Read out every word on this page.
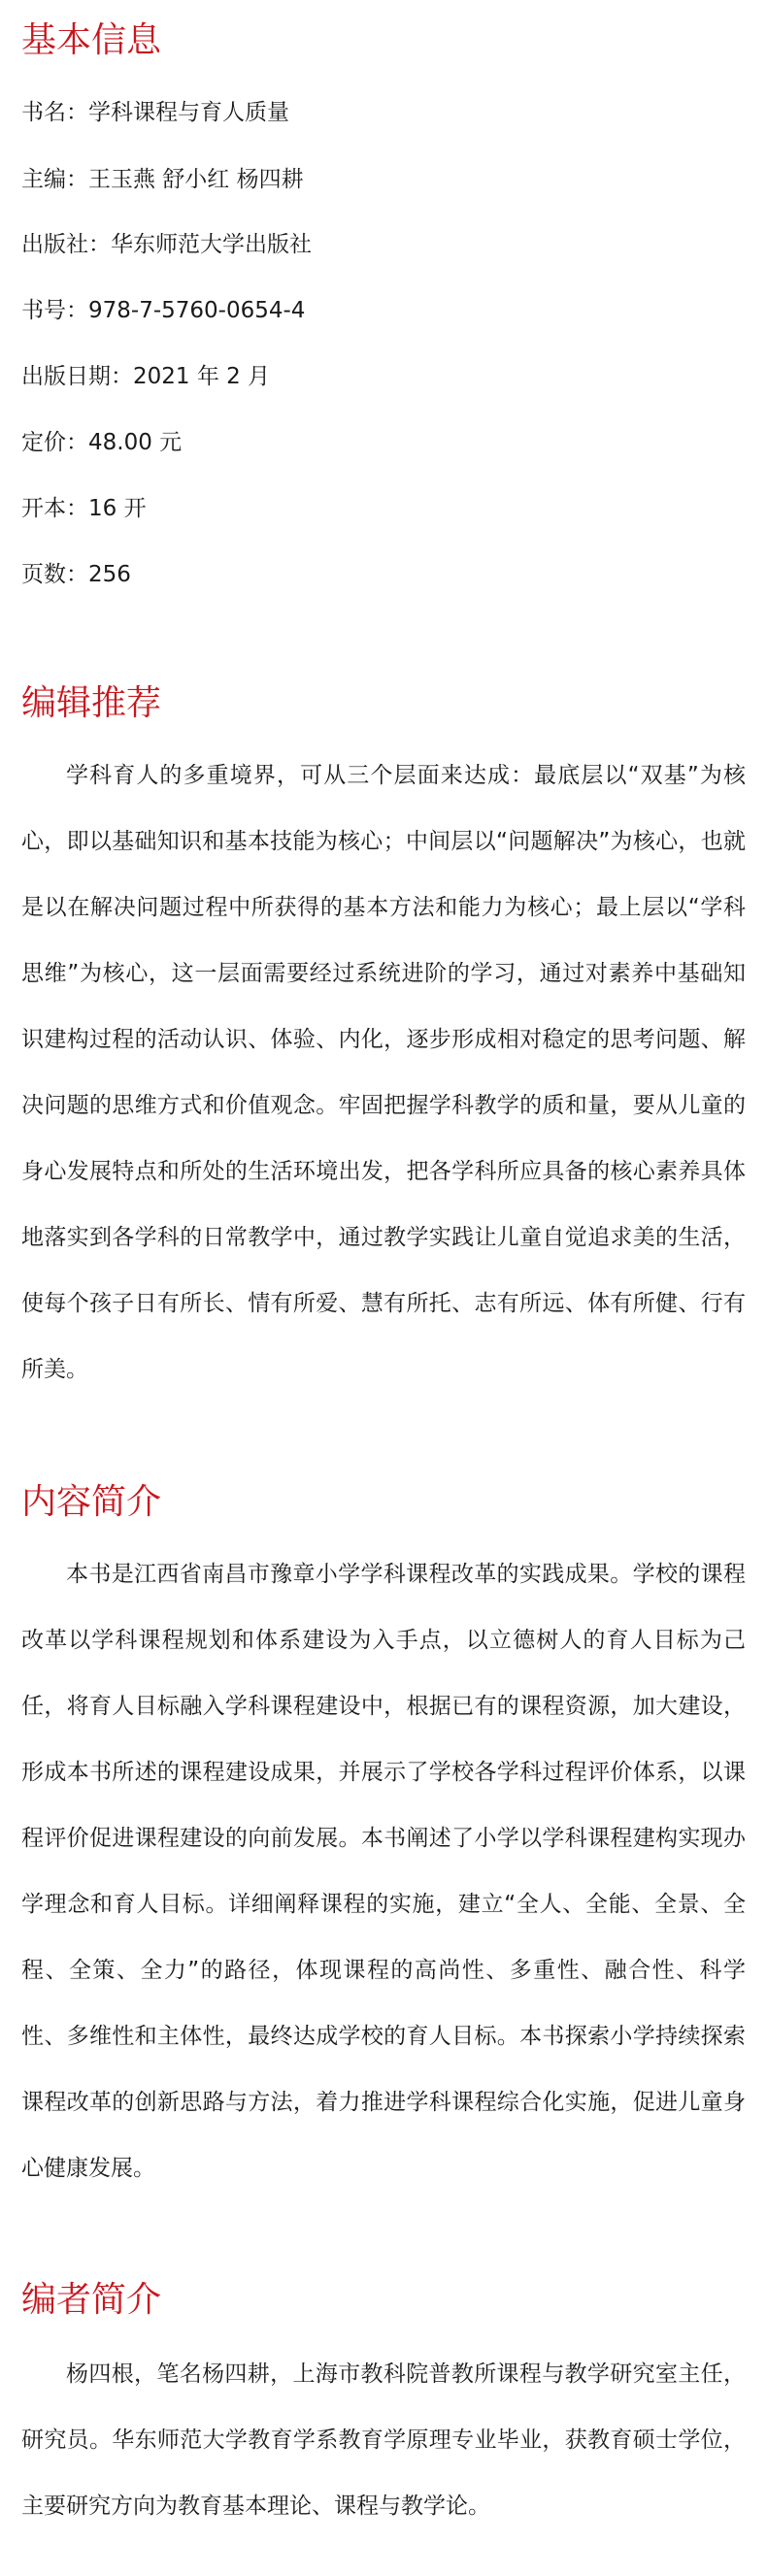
基本信息

书名：学科课程与育人质量

主编：王玉燕 舒小红 杨四耕

出版社：华东师范大学出版社

书号：978-7-5760-0654-4

出版日期：2021 年 2 月

定价：48.00 元

开本：16 开

页数：256

编辑推荐

学科育人的多重境界，可从三个层面来达成：最底层以“双基”为核心，即以基础知识和基本技能为核心；中间层以“问题解决”为核心，也就是以在解决问题过程中所获得的基本方法和能力为核心；最上层以“学科思维”为核心，这一层面需要经过系统进阶的学习，通过对素养中基础知识建构过程的活动认识、体验、内化，逐步形成相对稳定的思考问题、解决问题的思维方式和价值观念。牢固把握学科教学的质和量，要从儿童的身心发展特点和所处的生活环境出发，把各学科所应具备的核心素养具体地落实到各学科的日常教学中，通过教学实践让儿童自觉追求美的生活，使每个孩子日有所长、情有所爱、慧有所托、志有所远、体有所健、行有所美。

内容简介

本书是江西省南昌市豫章小学学科课程改革的实践成果。学校的课程改革以学科课程规划和体系建设为入手点，以立德树人的育人目标为己任，将育人目标融入学科课程建设中，根据已有的课程资源，加大建设，形成本书所述的课程建设成果，并展示了学校各学科过程评价体系，以课程评价促进课程建设的向前发展。本书阐述了小学以学科课程建构实现办学理念和育人目标。详细阐释课程的实施，建立“全人、全能、全景、全程、全策、全力”的路径，体现课程的高尚性、多重性、融合性、科学性、多维性和主体性，最终达成学校的育人目标。本书探索小学持续探索课程改革的创新思路与方法，着力推进学科课程综合化实施，促进儿童身心健康发展。

编者简介

杨四根，笔名杨四耕，上海市教科院普教所课程与教学研究室主任，研究员。华东师范大学教育学系教育学原理专业毕业，获教育硕士学位，主要研究方向为教育基本理论、课程与教学论。
